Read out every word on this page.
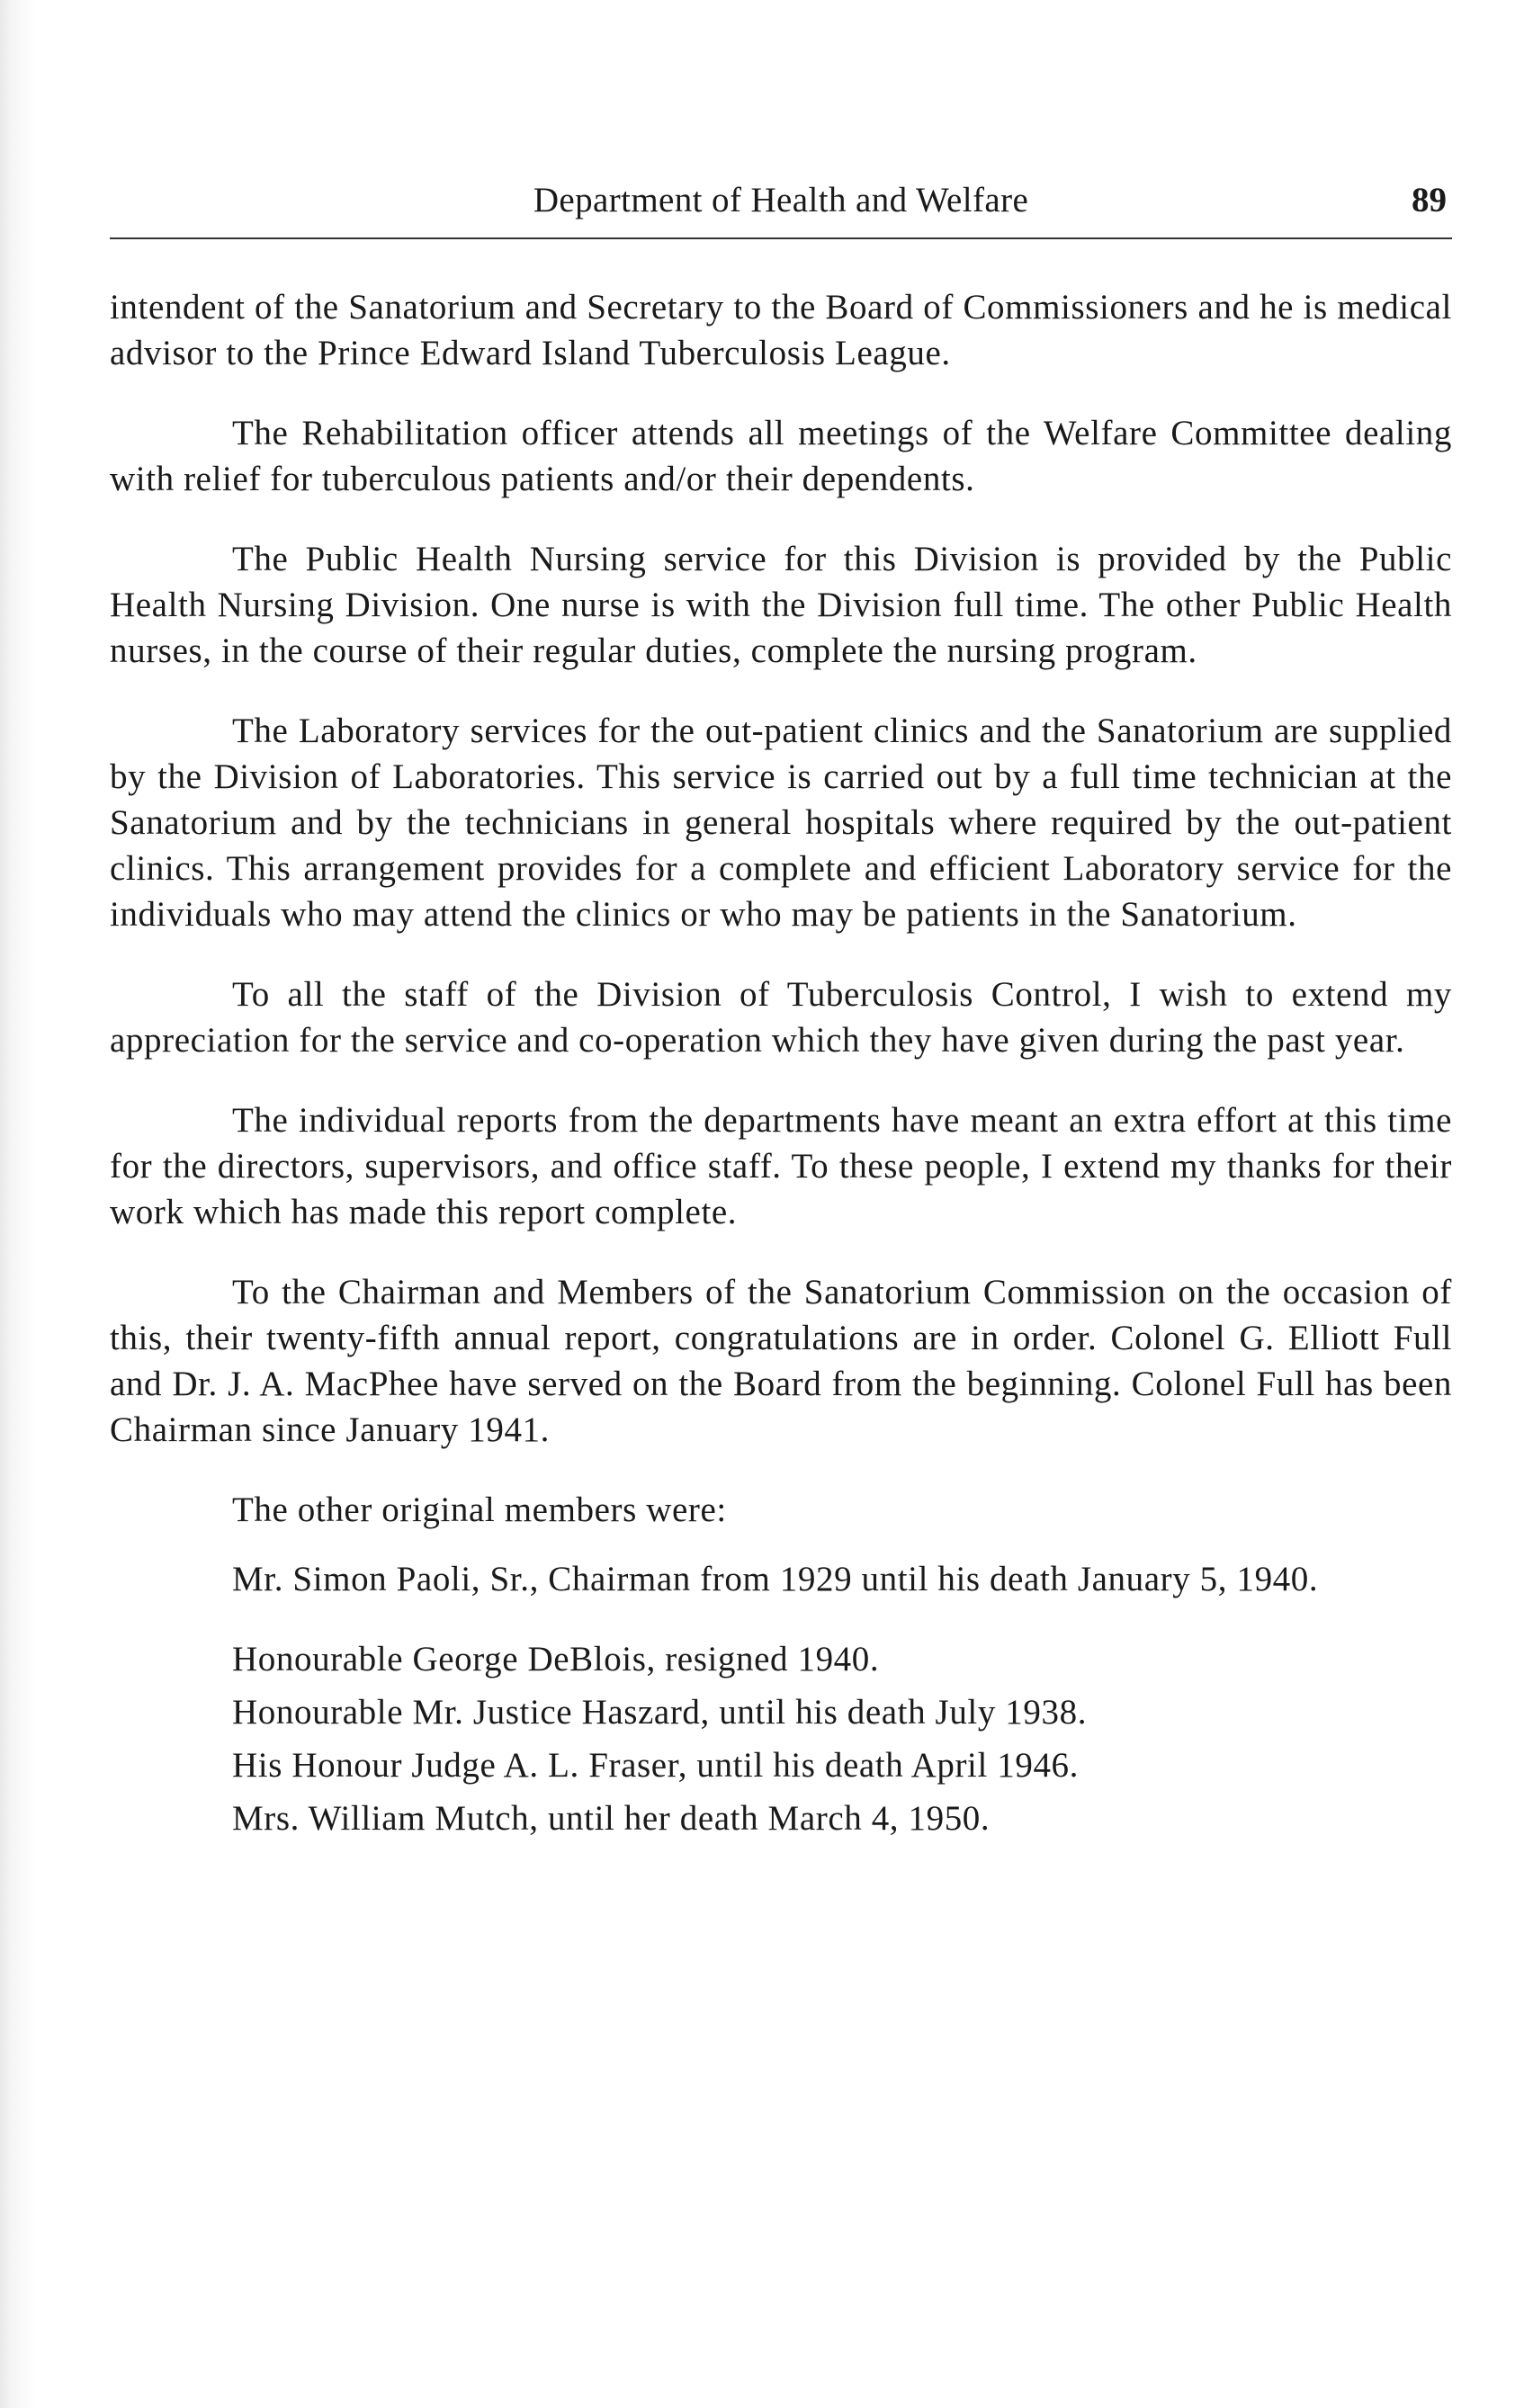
Department of Health and Welfare	89

intendent of the Sanatorium and Secretary to the Board of Commissioners and he is medical advisor to the Prince Edward Island Tuberculosis League.

The Rehabilitation officer attends all meetings of the Welfare Committee dealing with relief for tuberculous patients and/or their dependents.

The Public Health Nursing service for this Division is provided by the Public Health Nursing Division. One nurse is with the Division full time. The other Public Health nurses, in the course of their regular duties, complete the nursing program.

The Laboratory services for the out-patient clinics and the Sanatorium are supplied by the Division of Laboratories. This service is carried out by a full time technician at the Sanatorium and by the technicians in general hospitals where required by the out-patient clinics. This arrangement provides for a complete and efficient Laboratory service for the individuals who may attend the clinics or who may be patients in the Sanatorium.

To all the staff of the Division of Tuberculosis Control, I wish to extend my appreciation for the service and co-operation which they have given during the past year.

The individual reports from the departments have meant an extra effort at this time for the directors, supervisors, and office staff. To these people, I extend my thanks for their work which has made this report complete.

To the Chairman and Members of the Sanatorium Commission on the occasion of this, their twenty-fifth annual report, congratulations are in order. Colonel G. Elliott Full and Dr. J. A. MacPhee have served on the Board from the beginning. Colonel Full has been Chairman since January 1941.

The other original members were:

Mr. Simon Paoli, Sr., Chairman from 1929 until his death January 5, 1940.

Honourable George DeBlois, resigned 1940.
Honourable Mr. Justice Haszard, until his death July 1938.
His Honour Judge A. L. Fraser, until his death April 1946.
Mrs. William Mutch, until her death March 4, 1950.
